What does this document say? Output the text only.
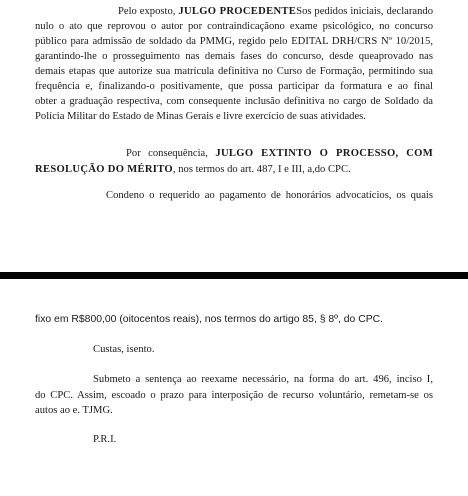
Pelo exposto, JULGO PROCEDENTESos pedidos iniciais, declarando
nulo o ato que reprovou o autor por contraindicaçãono exame psicológico, no concurso
público para admissão de soldado da PMMG, regido pelo EDITAL DRH/CRS Nº 10/2015,
garantindo-lhe o prosseguimento nas demais fases do concurso, desde queaprovado nas
demais etapas que autorize sua matrícula definitiva no Curso de Formação, permitindo sua
frequência e, finalizando-o positivamente, que possa participar da formatura e ao final
obter a graduação respectiva, com consequente inclusão definitiva no cargo de Soldado da
Polícia Militar do Estado de Minas Gerais e livre exercício de suas atividades.
Por consequência, JULGO EXTINTO O PROCESSO, COM
RESOLUÇÃO DO MÉRITO, nos termos do art. 487, I e III, a,do CPC.
Condeno o requerido ao pagamento de honorários advocatícios, os quais
fixo em R$800,00 (oitocentos reais), nos termos do artigo 85, § 8º, do CPC.
Custas, isento.
Submeto a sentença ao reexame necessário, na forma do art. 496, inciso I,
do CPC. Assim, escoado o prazo para interposição de recurso voluntário, remetam-se os
autos ao e. TJMG.
P.R.I.
